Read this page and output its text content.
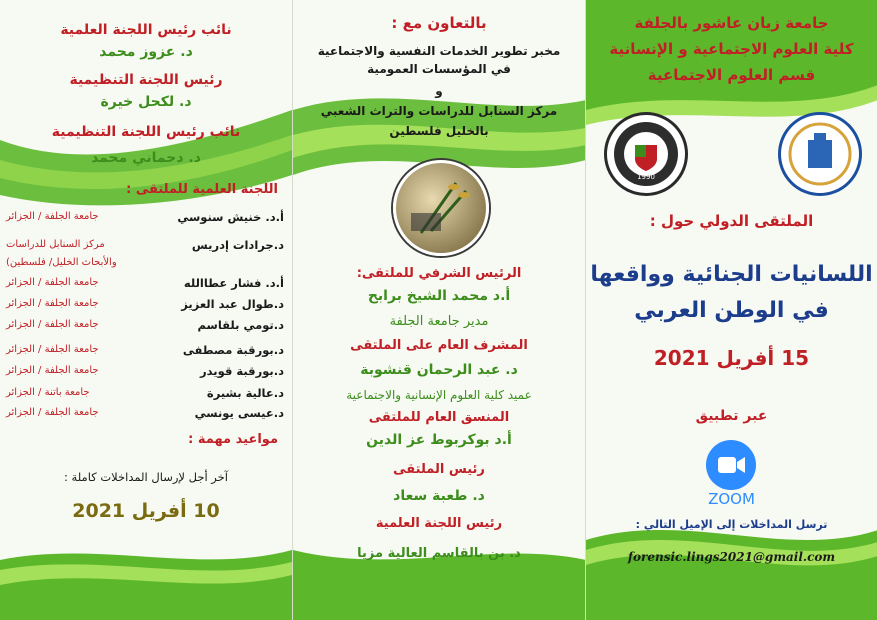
نائب رئيس اللجنة العلمية
د. عزوز محمد
رئيس اللجنة التنظيمية
د. لكحل خيرة
نائب رئيس اللجنة التنظيمية
د. دحماني محمد
اللجنة العلمية للملتقى :
أ.د. خنيش سنوسي
جامعة الجلفة / الجزائر
د.جرادات إدريس
مركز السنابل للدراسات
والأبحاث الخليل/ فلسطين)
أ.د. فشار عطاالله
جامعة الجلفة / الجزائر
د.طوال عبد العزيز
جامعة الجلفة / الجزائر
د.تومي بلقاسم
جامعة الجلفة / الجزائر
د.بورقبة مصطفى
جامعة الجلفة / الجزائر
د.بورقبة قويدر
جامعة الجلفة / الجزائر
د.عالية بشيرة
جامعة باتنة / الجزائر
د.عيسى يونسي
جامعة الجلفة / الجزائر
مواعيد مهمة :
آخر أجل لإرسال المداخلات كاملة :
10 أفريل 2021
بالتعاون مع :
مخبر تطوير الخدمات النفسية والاجتماعية
في المؤسسات العمومية
و
مركز السنابل للدراسات والتراث الشعبي
بالخليل فلسطين
الرئيس الشرفي للملتقى:
أ.د محمد الشيخ برابح
مدير جامعة الجلفة
المشرف العام على الملتقى
د. عبد الرحمان قنشوبة
عميد كلية العلوم الإنسانية والاجتماعية
المنسق العام للملتقى
أ.د بوكربوط عز الدين
رئيس الملتقى
د. طعبة سعاد
رئيس اللجنة العلمية
د. بن بالقاسم العالية مزيا
جامعة زيان عاشور بالجلفة
كلية العلوم الاجتماعية و الإنسانية
قسم العلوم الاجتماعية
1990
الملتقى الدولي حول :
اللسانيات الجنائية وواقعها
في الوطن العربي
15 أفريل 2021
عبر تطبيق
ZOOM
ترسل المداخلات إلى الإميل التالي :
forensic.lings2021@gmail.com
